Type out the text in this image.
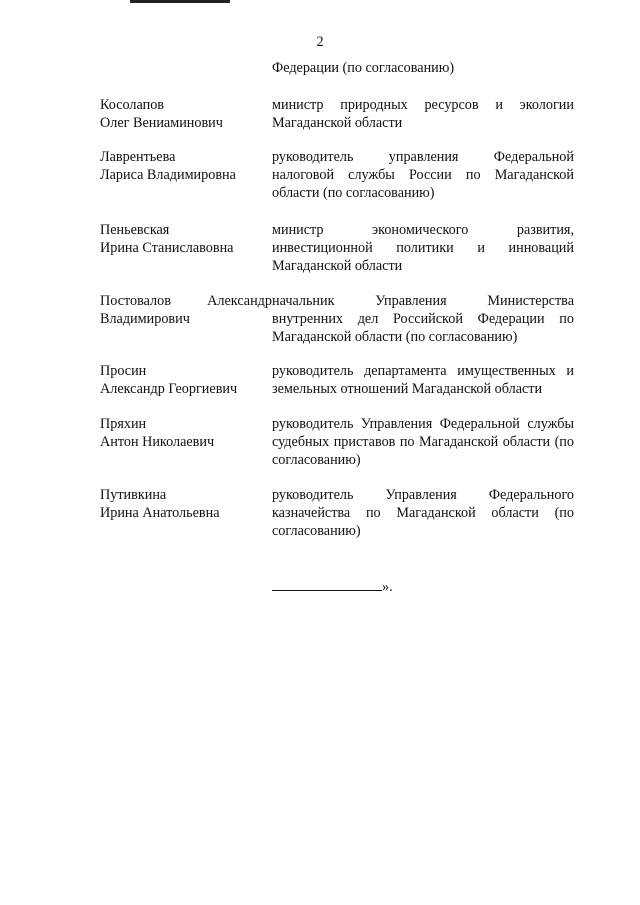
2
Федерации (по согласованию)
Косолапов
Олег Вениаминович
министр природных ресурсов и экологии Магаданской области
Лаврентьева
Лариса Владимировна
руководитель управления Федеральной налоговой службы России по Магаданской области (по согласованию)
Пеньевская
Ирина Станиславовна
министр экономического развития, инвестиционной политики и инноваций Магаданской области
Постовалов Александр Владимирович
начальник Управления Министерства внутренних дел Российской Федерации по Магаданской области (по согласованию)
Просин
Александр Георгиевич
руководитель департамента имущественных и земельных отношений Магаданской области
Пряхин
Антон Николаевич
руководитель Управления Федеральной службы судебных приставов по Магаданской области (по согласованию)
Путивкина
Ирина Анатольевна
руководитель Управления Федерального казначейства по Магаданской области (по согласованию)
».
